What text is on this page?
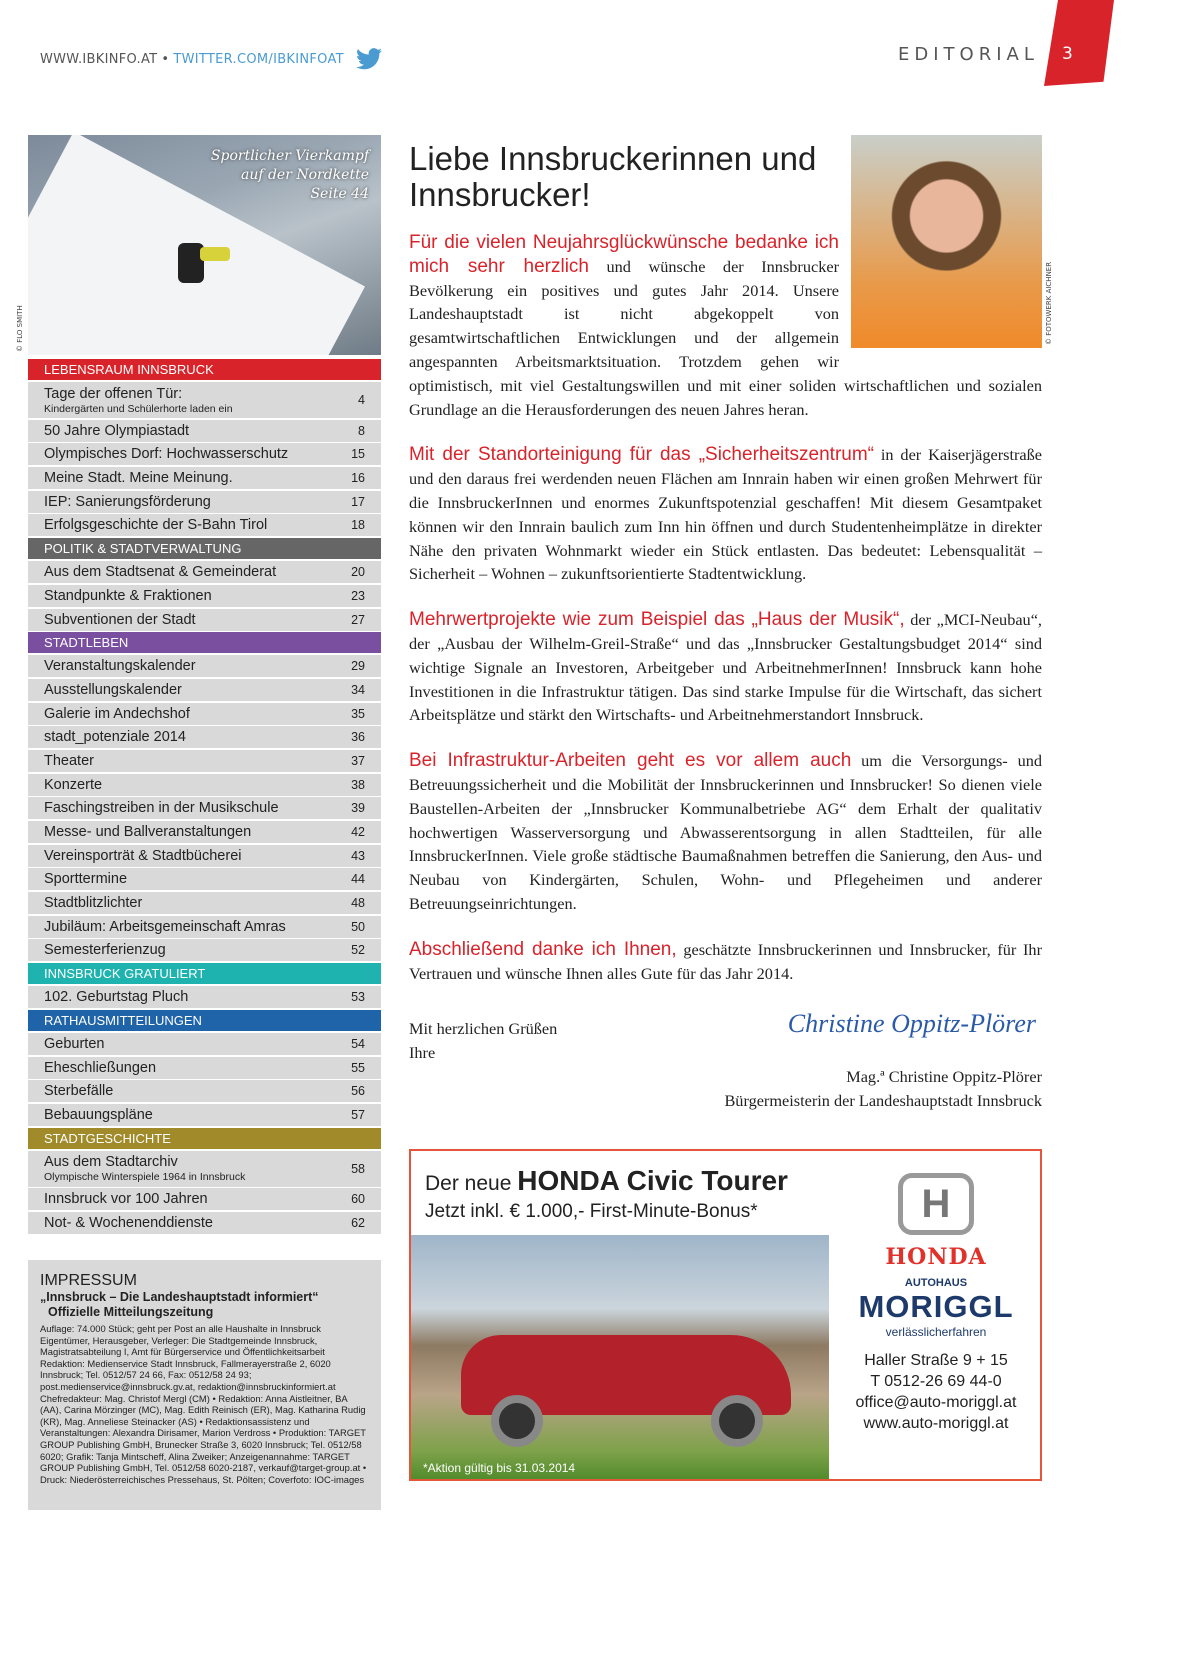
WWW.IBKINFO.AT • TWITTER.COM/IBKINFOAT	EDITORIAL 3
Sportlicher Vierkampf
auf der Nordkette
Seite 44
LEBENSRAUM INNSBRUCK
Tage der offenen Tür:
Kindergärten und Schülerhorte laden ein
4
50 Jahre Olympiastadt	8
Olympisches Dorf: Hochwasserschutz	15
Meine Stadt. Meine Meinung.	16
IEP: Sanierungsförderung	17
Erfolgsgeschichte der S-Bahn Tirol	18
POLITIK & STADTVERWALTUNG
Aus dem Stadtsenat & Gemeinderat	20
Standpunkte & Fraktionen	23
Subventionen der Stadt	27
STADTLEBEN
Veranstaltungskalender	29
Ausstellungskalender	34
Galerie im Andechshof	35
stadt_potenziale 2014	36
Theater	37
Konzerte	38
Faschingstreiben in der Musikschule	39
Messe- und Ballveranstaltungen	42
Vereinsporträt & Stadtbücherei	43
Sporttermine	44
Stadtblitzlichter	48
Jubiläum: Arbeitsgemeinschaft Amras	50
Semesterferienzug	52
INNSBRUCK GRATULIERT
102. Geburtstag Pluch	53
RATHAUSMITTEILUNGEN
Geburten	54
Eheschließungen	55
Sterbefälle	56
Bebauungspläne	57
STADTGESCHICHTE
Aus dem Stadtarchiv
Olympische Winterspiele 1964 in Innsbruck
58
Innsbruck vor 100 Jahren	60
Not- & Wochenenddienste	62
© FLO SMITH
IMPRESSUM
„Innsbruck – Die Landeshauptstadt informiert“
Offizielle Mitteilungszeitung

Auflage: 74.000 Stück; geht per Post an alle Haushalte in Innsbruck Eigentümer, Herausgeber, Verleger: Die Stadtgemeinde Innsbruck, Magistratsabteilung I, Amt für Bürgerservice und Öffentlichkeitsarbeit Redaktion: Medienservice Stadt Innsbruck, Fallmerayerstraße 2, 6020 Innsbruck; Tel. 0512/57 24 66, Fax: 0512/58 24 93; post.medienservice@innsbruck.gv.at, redaktion@innsbruckinformiert.at Chefredakteur: Mag. Christof Mergl (CM) • Redaktion: Anna Aistleitner, BA (AA), Carina Mörzinger (MC), Mag. Edith Reinisch (ER), Mag. Katharina Rudig (KR), Mag. Anneliese Steinacker (AS) • Redaktionsassistenz und Veranstaltungen: Alexandra Dirisamer, Marion Verdross • Produktion: TARGET GROUP Publishing GmbH, Brunecker Straße 3, 6020 Innsbruck; Tel. 0512/58 6020; Grafik: Tanja Mintscheff, Alina Zweiker; Anzeigenannahme: TARGET GROUP Publishing GmbH, Tel. 0512/58 6020-2187, verkauf@target-group.at • Druck: Niederösterreichisches Pressehaus, St. Pölten; Coverfoto: IOC-images

Liebe Innsbruckerinnen und Innsbrucker!
Für die vielen Neujahrsglückwünsche bedanke ich mich sehr herzlich und wünsche der Innsbrucker Bevölkerung ein positives und gutes Jahr 2014. Unsere Landeshauptstadt ist nicht abgekoppelt von gesamtwirtschaftlichen Entwicklungen und der allgemein angespannten Arbeitsmarktsituation. Trotzdem gehen wir optimistisch, mit viel Gestaltungswillen und mit einer soliden wirtschaftlichen und sozialen Grundlage an die Herausforderungen des neuen Jahres heran.
Mit der Standorteinigung für das „Sicherheitszentrum“ in der Kaiserjägerstraße und den daraus frei werdenden neuen Flächen am Innrain haben wir einen großen Mehrwert für die InnsbruckerInnen und enormes Zukunftspotenzial geschaffen! Mit diesem Gesamtpaket können wir den Innrain baulich zum Inn hin öffnen und durch Studentenheimplätze in direkter Nähe den privaten Wohnmarkt wieder ein Stück entlasten. Das bedeutet: Lebensqualität – Sicherheit – Wohnen – zukunftsorientierte Stadtentwicklung.
Mehrwertprojekte wie zum Beispiel das „Haus der Musik“, der „MCI-Neubau“, der „Ausbau der Wilhelm-Greil-Straße“ und das „Innsbrucker Gestaltungsbudget 2014“ sind wichtige Signale an Investoren, Arbeitgeber und ArbeitnehmerInnen! Innsbruck kann hohe Investitionen in die Infrastruktur tätigen. Das sind starke Impulse für die Wirtschaft, das sichert Arbeitsplätze und stärkt den Wirtschafts- und Arbeitnehmerstandort Innsbruck.
Bei Infrastruktur-Arbeiten geht es vor allem auch um die Versorgungs- und Betreuungssicherheit und die Mobilität der Innsbruckerinnen und Innsbrucker! So dienen viele Baustellen-Arbeiten der „Innsbrucker Kommunalbetriebe AG“ dem Erhalt der qualitativ hochwertigen Wasserversorgung und Abwasserentsorgung in allen Stadtteilen, für alle InnsbruckerInnen. Viele große städtische Baumaßnahmen betreffen die Sanierung, den Aus- und Neubau von Kindergärten, Schulen, Wohn- und Pflegeheimen und anderer Betreuungseinrichtungen.
Abschließend danke ich Ihnen, geschätzte Innsbruckerinnen und Innsbrucker, für Ihr Vertrauen und wünsche Ihnen alles Gute für das Jahr 2014.
Mit herzlichen Grüßen
Ihre
Christine Oppitz-Plörer
Mag.ª Christine Oppitz-Plörer
Bürgermeisterin der Landeshauptstadt Innsbruck
Der neue HONDA Civic Tourer
Jetzt inkl. € 1.000,- First-Minute-Bonus*
*Aktion gültig bis 31.03.2014
H
HONDA
AUTOHAUS
MORIGGL
verlässlicherfahren
Haller Straße 9 + 15
T 0512-26 69 44-0
office@auto-moriggl.at
www.auto-moriggl.at
© FOTOWERK AICHNER
